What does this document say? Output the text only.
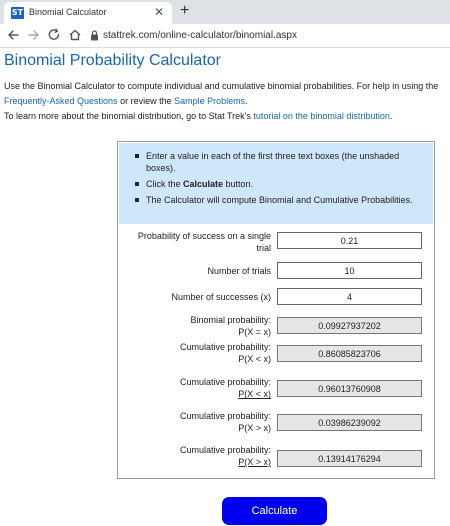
ST Binomial Calculator	✕ +
stattrek.com/online-calculator/binomial.aspx
Binomial Probability Calculator
Use the Binomial Calculator to compute individual and cumulative binomial probabilities. For help in using the
Frequently-Asked Questions or review the Sample Problems.
To learn more about the binomial distribution, go to Stat Trek's tutorial on the binomial distribution.
Enter a value in each of the first three text boxes (the unshaded boxes).
Click the Calculate button.
The Calculator will compute Binomial and Cumulative Probabilities.
Probability of success on a single
trial
0.21
Number of trials
10
Number of successes (x)
4
Binomial probability:
P(X = x)
0.09927937202
Cumulative probability:
P(X < x)
0.86085823706
Cumulative probability:
P(X < x)
0.96013760908
Cumulative probability:
P(X > x)
0.03986239092
Cumulative probability:
P(X > x)
0.13914176294
Calculate
